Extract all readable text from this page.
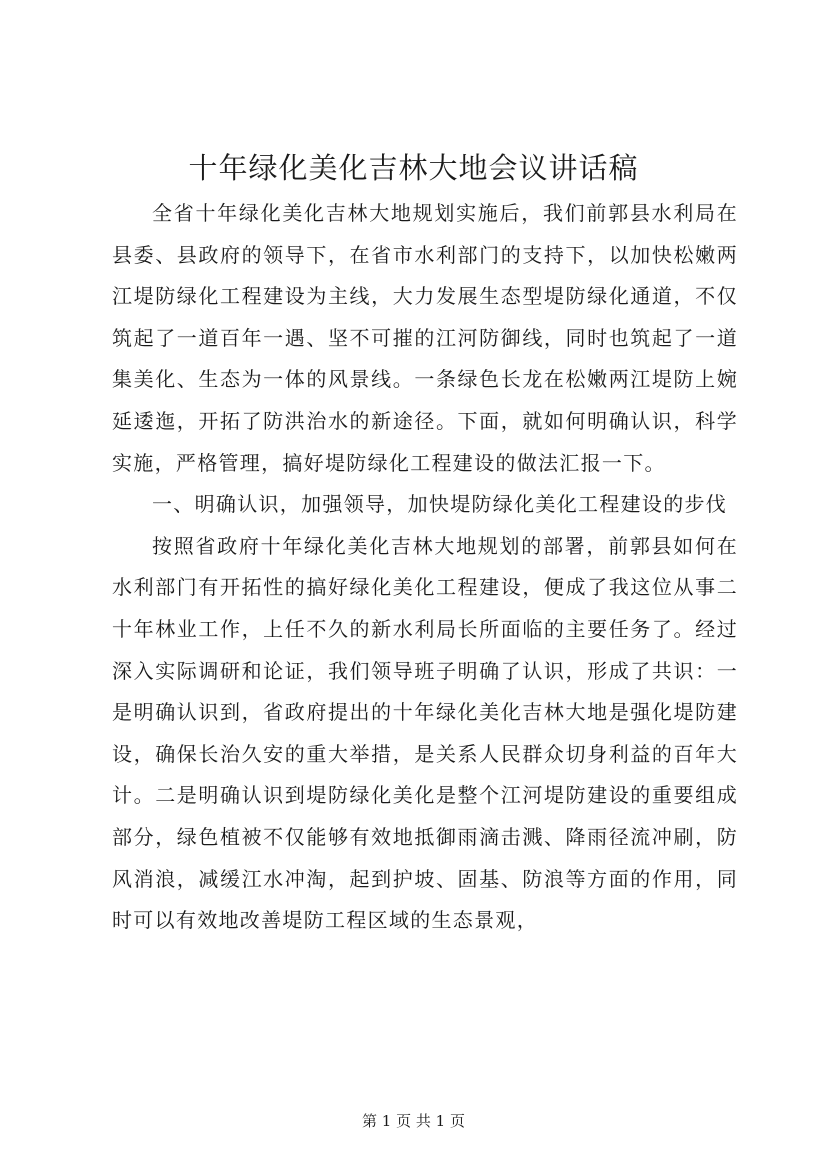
十年绿化美化吉林大地会议讲话稿

全省十年绿化美化吉林大地规划实施后，我们前郭县水利局在县委、县政府的领导下，在省市水利部门的支持下，以加快松嫩两江堤防绿化工程建设为主线，大力发展生态型堤防绿化通道，不仅筑起了一道百年一遇、坚不可摧的江河防御线，同时也筑起了一道集美化、生态为一体的风景线。一条绿色长龙在松嫩两江堤防上婉延逶迤，开拓了防洪治水的新途径。下面，就如何明确认识，科学实施，严格管理，搞好堤防绿化工程建设的做法汇报一下。

一、明确认识，加强领导，加快堤防绿化美化工程建设的步伐

按照省政府十年绿化美化吉林大地规划的部署，前郭县如何在水利部门有开拓性的搞好绿化美化工程建设，便成了我这位从事二十年林业工作，上任不久的新水利局长所面临的主要任务了。经过深入实际调研和论证，我们领导班子明确了认识，形成了共识：一是明确认识到，省政府提出的十年绿化美化吉林大地是强化堤防建设，确保长治久安的重大举措，是关系人民群众切身利益的百年大计。二是明确认识到堤防绿化美化是整个江河堤防建设的重要组成部分，绿色植被不仅能够有效地抵御雨滴击溅、降雨径流冲刷，防风消浪，减缓江水冲淘，起到护坡、固基、防浪等方面的作用，同时可以有效地改善堤防工程区域的生态景观，

第 1 页 共 1 页
